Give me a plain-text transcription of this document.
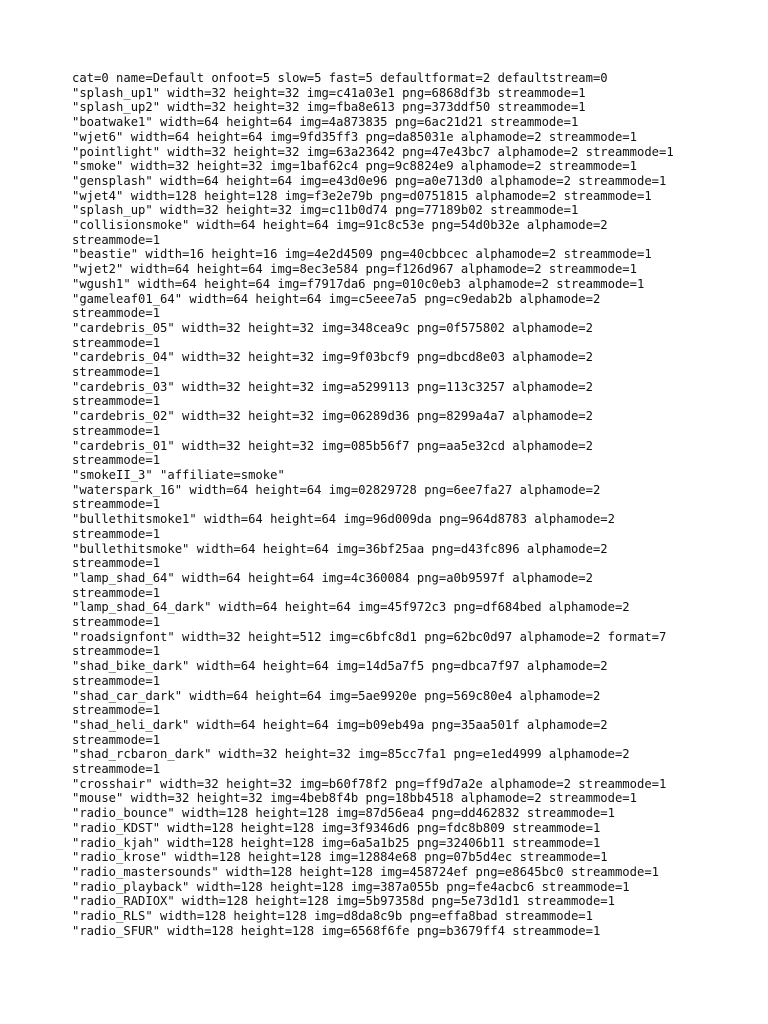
cat=0 name=Default onfoot=5 slow=5 fast=5 defaultformat=2 defaultstream=0
"splash_up1" width=32 height=32 img=c41a03e1 png=6868df3b streammode=1
"splash_up2" width=32 height=32 img=fba8e613 png=373ddf50 streammode=1
"boatwake1" width=64 height=64 img=4a873835 png=6ac21d21 streammode=1
"wjet6" width=64 height=64 img=9fd35ff3 png=da85031e alphamode=2 streammode=1
"pointlight" width=32 height=32 img=63a23642 png=47e43bc7 alphamode=2 streammode=1
"smoke" width=32 height=32 img=1baf62c4 png=9c8824e9 alphamode=2 streammode=1
"gensplash" width=64 height=64 img=e43d0e96 png=a0e713d0 alphamode=2 streammode=1
"wjet4" width=128 height=128 img=f3e2e79b png=d0751815 alphamode=2 streammode=1
"splash_up" width=32 height=32 img=c11b0d74 png=77189b02 streammode=1
"collisionsmoke" width=64 height=64 img=91c8c53e png=54d0b32e alphamode=2
streammode=1
"beastie" width=16 height=16 img=4e2d4509 png=40cbbcec alphamode=2 streammode=1
"wjet2" width=64 height=64 img=8ec3e584 png=f126d967 alphamode=2 streammode=1
"wgush1" width=64 height=64 img=f7917da6 png=010c0eb3 alphamode=2 streammode=1
"gameleaf01_64" width=64 height=64 img=c5eee7a5 png=c9edab2b alphamode=2
streammode=1
"cardebris_05" width=32 height=32 img=348cea9c png=0f575802 alphamode=2
streammode=1
"cardebris_04" width=32 height=32 img=9f03bcf9 png=dbcd8e03 alphamode=2
streammode=1
"cardebris_03" width=32 height=32 img=a5299113 png=113c3257 alphamode=2
streammode=1
"cardebris_02" width=32 height=32 img=06289d36 png=8299a4a7 alphamode=2
streammode=1
"cardebris_01" width=32 height=32 img=085b56f7 png=aa5e32cd alphamode=2
streammode=1
"smokeII_3" "affiliate=smoke"
"waterspark_16" width=64 height=64 img=02829728 png=6ee7fa27 alphamode=2
streammode=1
"bullethitsmoke1" width=64 height=64 img=96d009da png=964d8783 alphamode=2
streammode=1
"bullethitsmoke" width=64 height=64 img=36bf25aa png=d43fc896 alphamode=2
streammode=1
"lamp_shad_64" width=64 height=64 img=4c360084 png=a0b9597f alphamode=2
streammode=1
"lamp_shad_64_dark" width=64 height=64 img=45f972c3 png=df684bed alphamode=2
streammode=1
"roadsignfont" width=32 height=512 img=c6bfc8d1 png=62bc0d97 alphamode=2 format=7
streammode=1
"shad_bike_dark" width=64 height=64 img=14d5a7f5 png=dbca7f97 alphamode=2
streammode=1
"shad_car_dark" width=64 height=64 img=5ae9920e png=569c80e4 alphamode=2
streammode=1
"shad_heli_dark" width=64 height=64 img=b09eb49a png=35aa501f alphamode=2
streammode=1
"shad_rcbaron_dark" width=32 height=32 img=85cc7fa1 png=e1ed4999 alphamode=2
streammode=1
"crosshair" width=32 height=32 img=b60f78f2 png=ff9d7a2e alphamode=2 streammode=1
"mouse" width=32 height=32 img=4beb8f4b png=18bb4518 alphamode=2 streammode=1
"radio_bounce" width=128 height=128 img=87d56ea4 png=dd462832 streammode=1
"radio_KDST" width=128 height=128 img=3f9346d6 png=fdc8b809 streammode=1
"radio_kjah" width=128 height=128 img=6a5a1b25 png=32406b11 streammode=1
"radio_krose" width=128 height=128 img=12884e68 png=07b5d4ec streammode=1
"radio_mastersounds" width=128 height=128 img=458724ef png=e8645bc0 streammode=1
"radio_playback" width=128 height=128 img=387a055b png=fe4acbc6 streammode=1
"radio_RADIOX" width=128 height=128 img=5b97358d png=5e73d1d1 streammode=1
"radio_RLS" width=128 height=128 img=d8da8c9b png=effa8bad streammode=1
"radio_SFUR" width=128 height=128 img=6568f6fe png=b3679ff4 streammode=1
